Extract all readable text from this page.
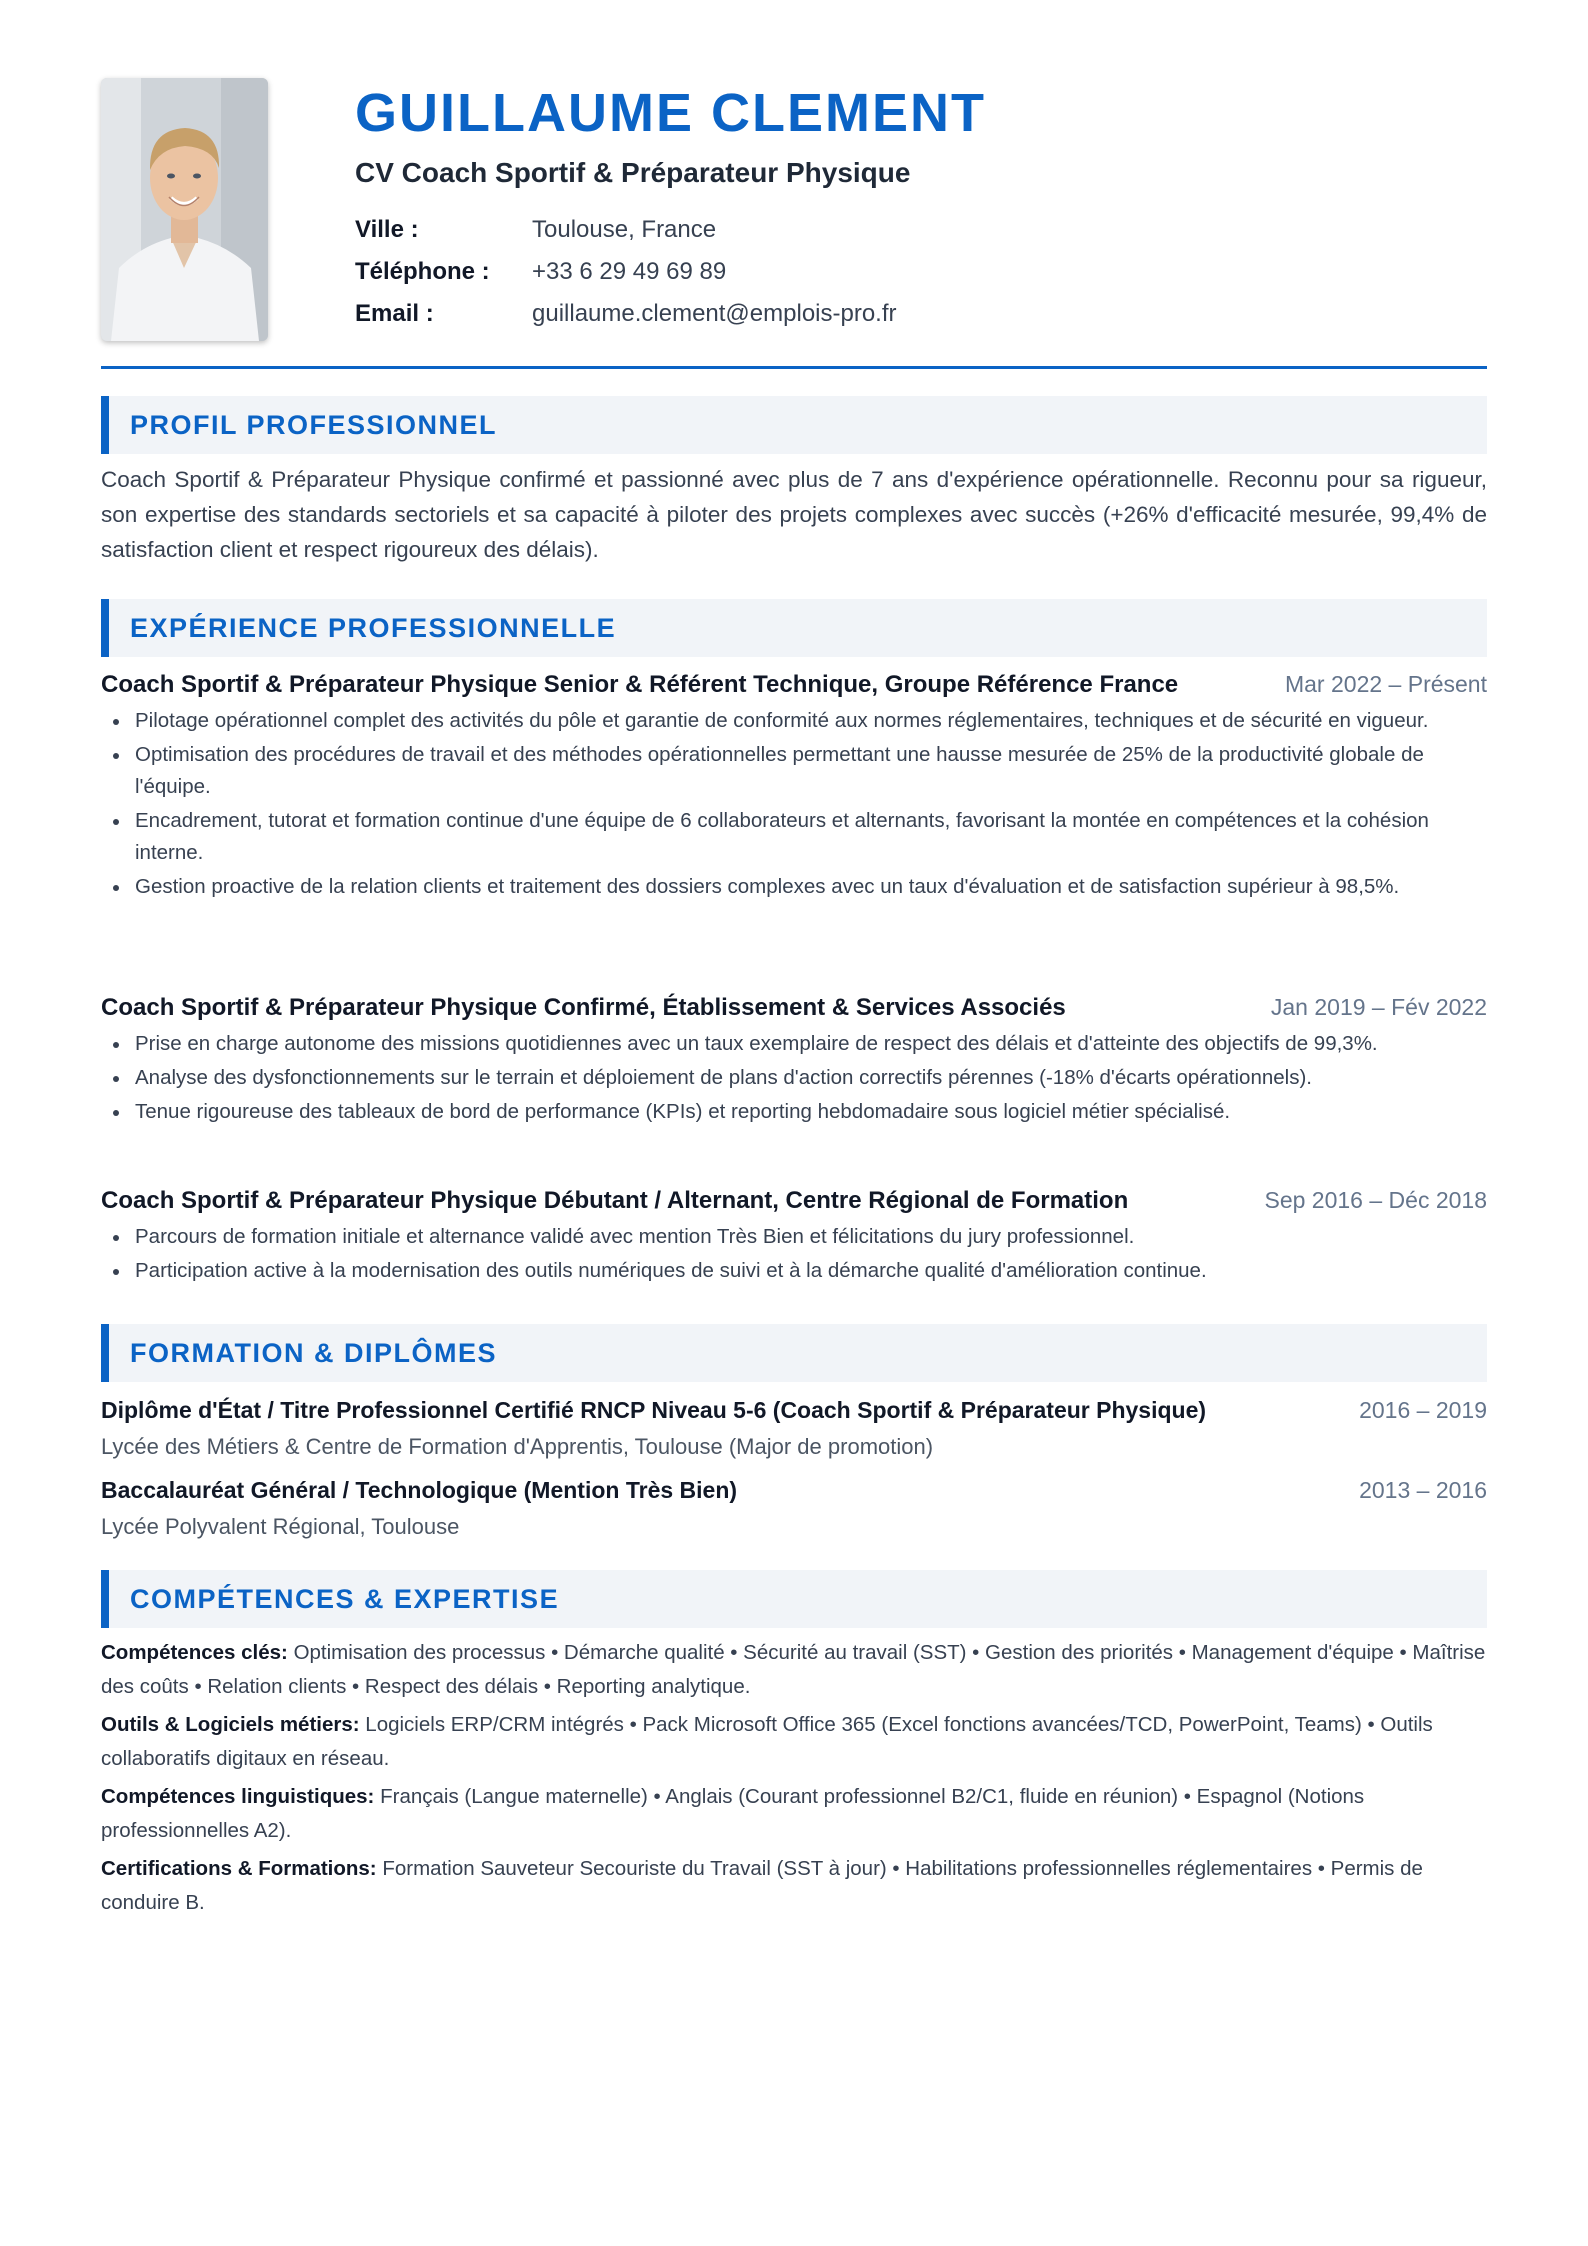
GUILLAUME CLEMENT
CV Coach Sportif & Préparateur Physique
Ville :	Toulouse, France
Téléphone :	+33 6 29 49 69 89
Email :	guillaume.clement@emplois-pro.fr
PROFIL PROFESSIONNEL
Coach Sportif & Préparateur Physique confirmé et passionné avec plus de 7 ans d'expérience opérationnelle. Reconnu pour sa rigueur, son expertise des standards sectoriels et sa capacité à piloter des projets complexes avec succès (+26% d'efficacité mesurée, 99,4% de satisfaction client et respect rigoureux des délais).
EXPÉRIENCE PROFESSIONNELLE
Coach Sportif & Préparateur Physique Senior & Référent Technique, Groupe Référence France	Mar 2022 – Présent
Pilotage opérationnel complet des activités du pôle et garantie de conformité aux normes réglementaires, techniques et de sécurité en vigueur.
Optimisation des procédures de travail et des méthodes opérationnelles permettant une hausse mesurée de 25% de la productivité globale de l'équipe.
Encadrement, tutorat et formation continue d'une équipe de 6 collaborateurs et alternants, favorisant la montée en compétences et la cohésion interne.
Gestion proactive de la relation clients et traitement des dossiers complexes avec un taux d'évaluation et de satisfaction supérieur à 98,5%.
Coach Sportif & Préparateur Physique Confirmé, Établissement & Services Associés	Jan 2019 – Fév 2022
Prise en charge autonome des missions quotidiennes avec un taux exemplaire de respect des délais et d'atteinte des objectifs de 99,3%.
Analyse des dysfonctionnements sur le terrain et déploiement de plans d'action correctifs pérennes (-18% d'écarts opérationnels).
Tenue rigoureuse des tableaux de bord de performance (KPIs) et reporting hebdomadaire sous logiciel métier spécialisé.
Coach Sportif & Préparateur Physique Débutant / Alternant, Centre Régional de Formation	Sep 2016 – Déc 2018
Parcours de formation initiale et alternance validé avec mention Très Bien et félicitations du jury professionnel.
Participation active à la modernisation des outils numériques de suivi et à la démarche qualité d'amélioration continue.
FORMATION & DIPLÔMES
Diplôme d'État / Titre Professionnel Certifié RNCP Niveau 5-6 (Coach Sportif & Préparateur Physique)	2016 – 2019
Lycée des Métiers & Centre de Formation d'Apprentis, Toulouse (Major de promotion)
Baccalauréat Général / Technologique (Mention Très Bien)	2013 – 2016
Lycée Polyvalent Régional, Toulouse
COMPÉTENCES & EXPERTISE
Compétences clés: Optimisation des processus • Démarche qualité • Sécurité au travail (SST) • Gestion des priorités • Management d'équipe • Maîtrise des coûts • Relation clients • Respect des délais • Reporting analytique.
Outils & Logiciels métiers: Logiciels ERP/CRM intégrés • Pack Microsoft Office 365 (Excel fonctions avancées/TCD, PowerPoint, Teams) • Outils collaboratifs digitaux en réseau.
Compétences linguistiques: Français (Langue maternelle) • Anglais (Courant professionnel B2/C1, fluide en réunion) • Espagnol (Notions professionnelles A2).
Certifications & Formations: Formation Sauveteur Secouriste du Travail (SST à jour) • Habilitations professionnelles réglementaires • Permis de conduire B.
